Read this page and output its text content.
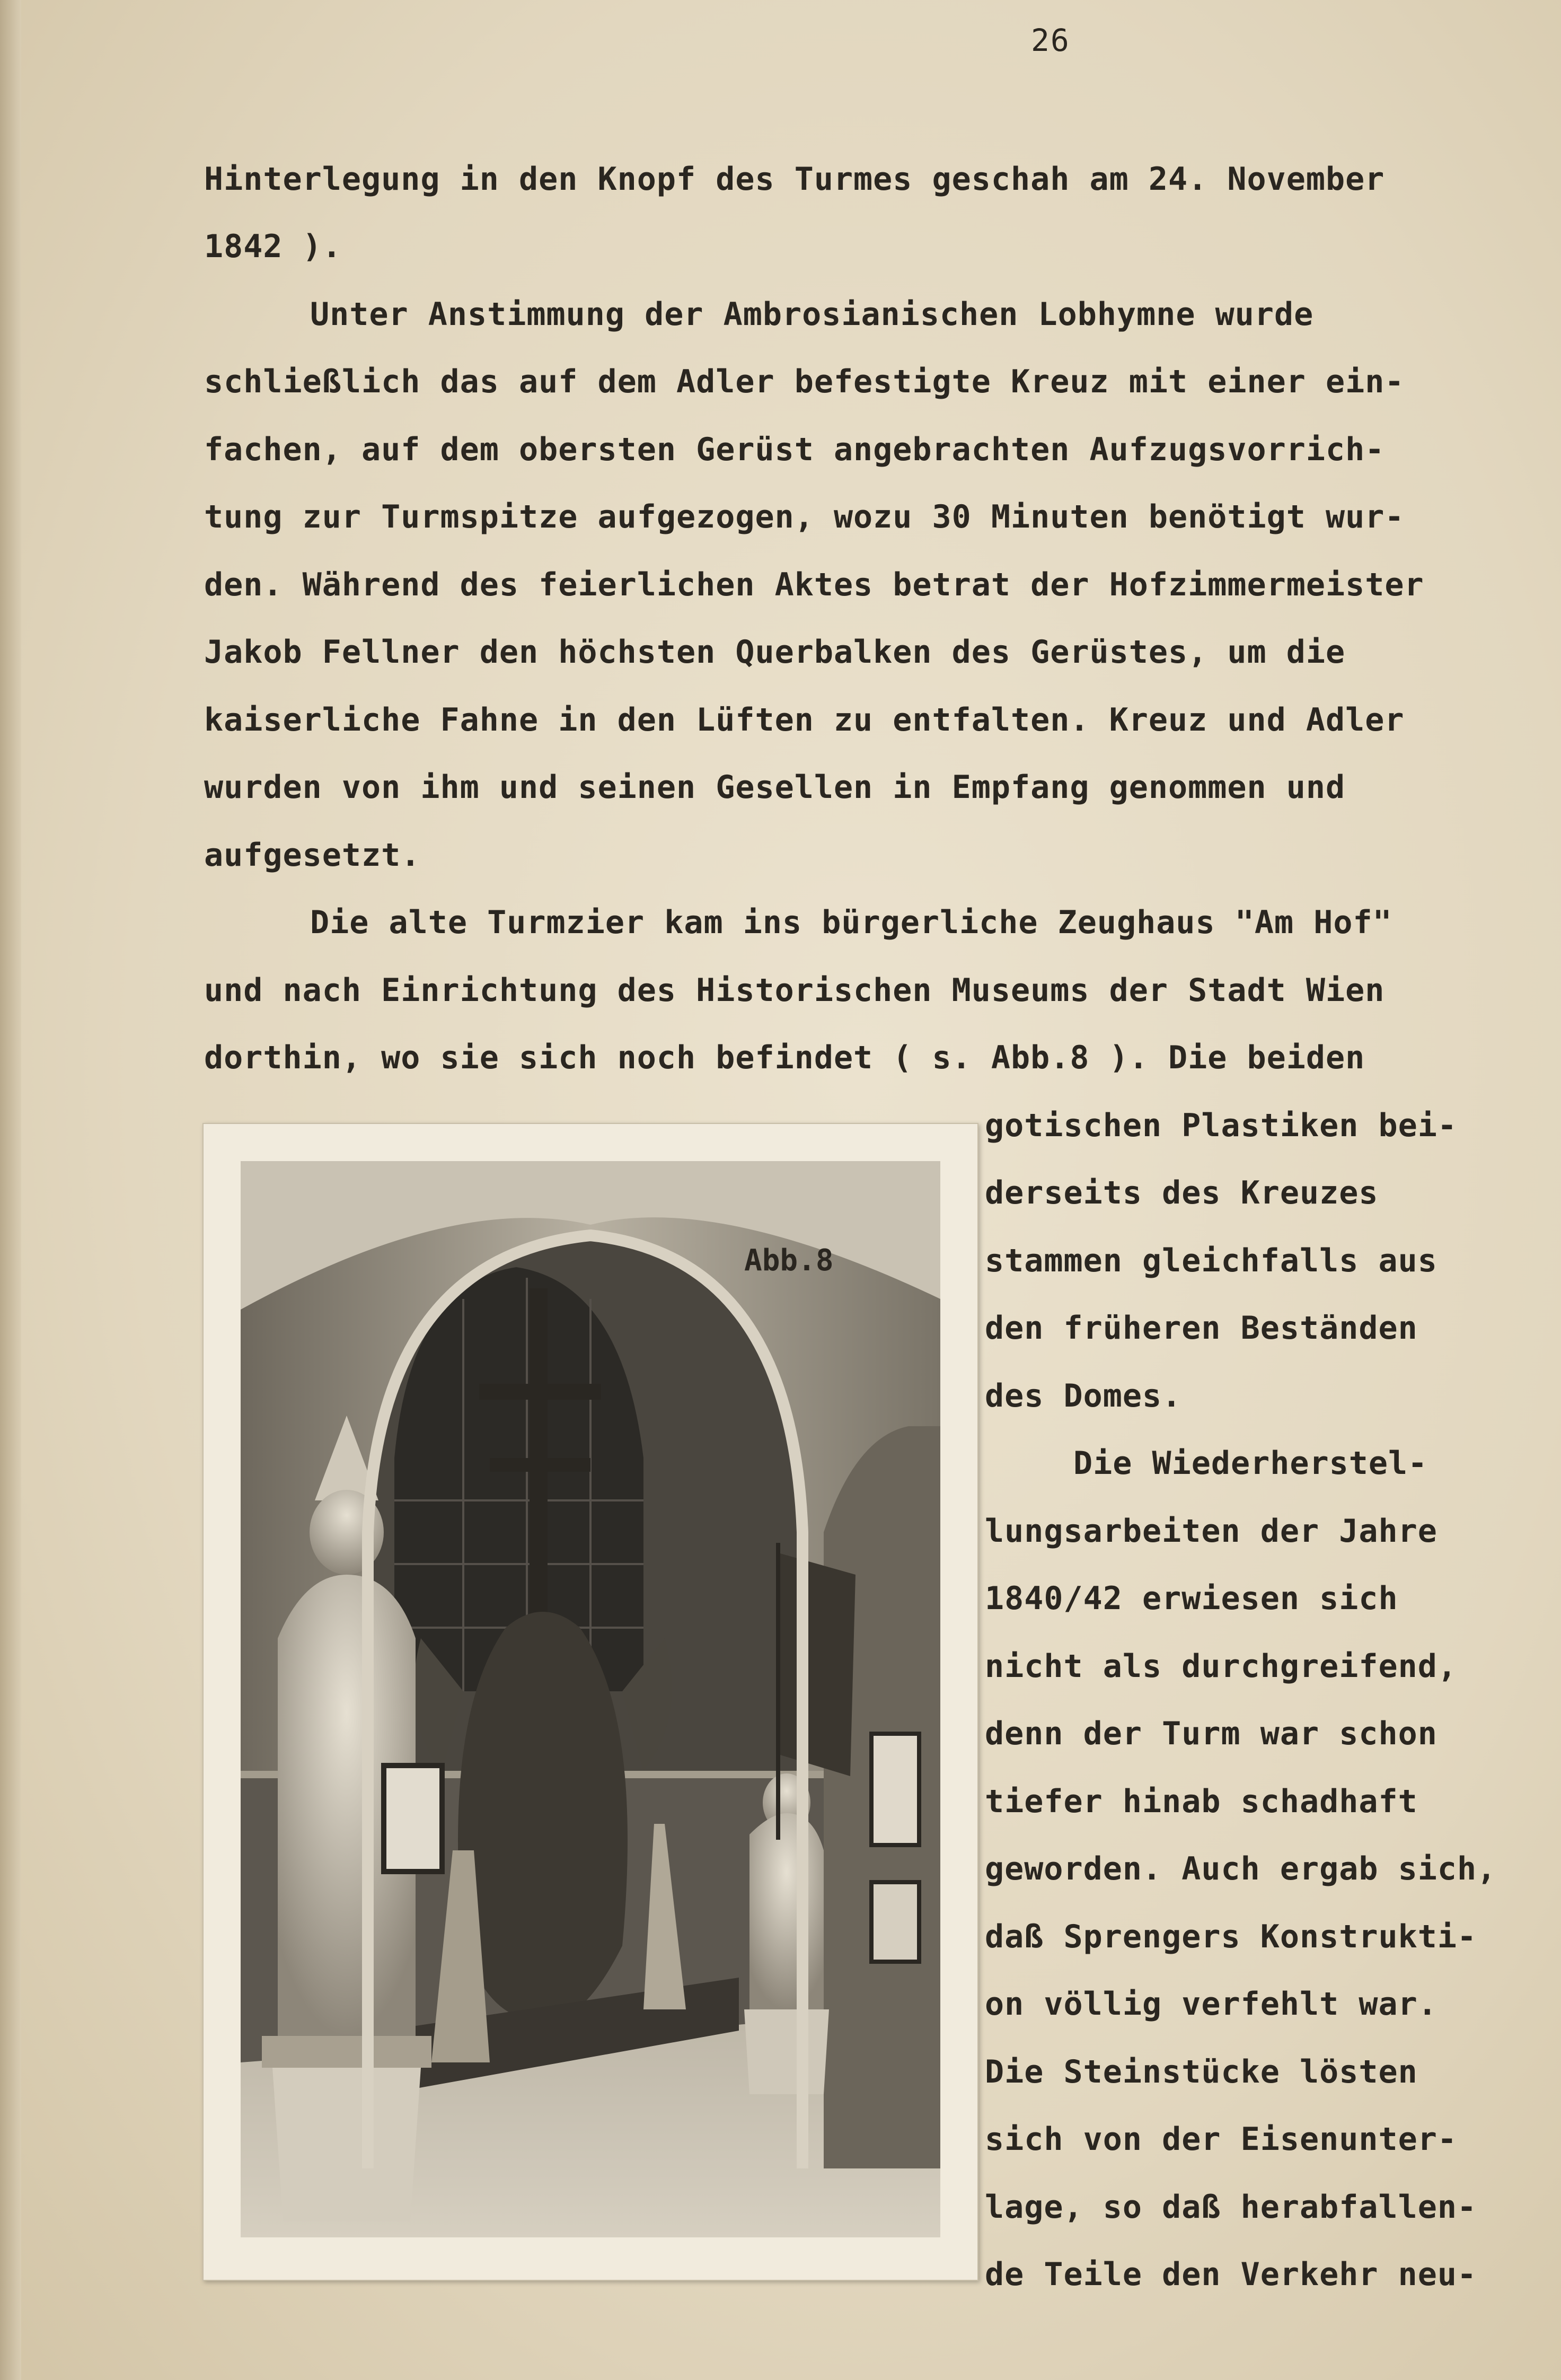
26
Hinterlegung in den Knopf des Turmes geschah am 24. November
1842 ).
Unter Anstimmung der Ambrosianischen Lobhymne wurde
schließlich das auf dem Adler befestigte Kreuz mit einer ein-
fachen, auf dem obersten Gerüst angebrachten Aufzugsvorrich-
tung zur Turmspitze aufgezogen, wozu 30 Minuten benötigt wur-
den. Während des feierlichen Aktes betrat der Hofzimmermeister
Jakob Fellner den höchsten Querbalken des Gerüstes, um die
kaiserliche Fahne in den Lüften zu entfalten. Kreuz und Adler
wurden von ihm und seinen Gesellen in Empfang genommen und
aufgesetzt.
Die alte Turmzier kam ins bürgerliche Zeughaus "Am Hof"
und nach Einrichtung des Historischen Museums der Stadt Wien
dorthin, wo sie sich noch befindet ( s. Abb.8 ). Die beiden
gotischen Plastiken bei-
derseits des Kreuzes
stammen gleichfalls aus
den früheren Beständen
des Domes.
Die Wiederherstel-
lungsarbeiten der Jahre
1840/42 erwiesen sich
nicht als durchgreifend,
denn der Turm war schon
tiefer hinab schadhaft
geworden. Auch ergab sich,
daß Sprengers Konstrukti-
on völlig verfehlt war.
Die Steinstücke lösten
sich von der Eisenunter-
lage, so daß herabfallen-
de Teile den Verkehr neu-
Abb.8
